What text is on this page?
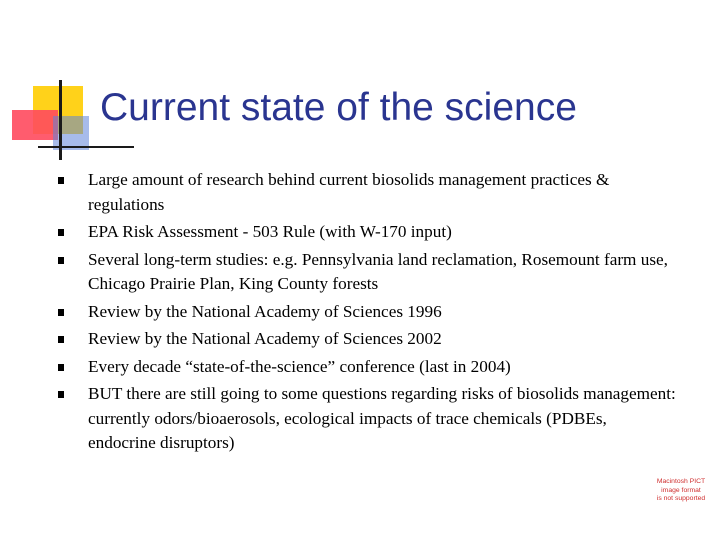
Current state of the science
Large amount of research behind current biosolids management practices & regulations
EPA Risk Assessment - 503 Rule (with W-170 input)
Several long-term studies: e.g. Pennsylvania land reclamation, Rosemount farm use, Chicago Prairie Plan, King County forests
Review by the National Academy of Sciences 1996
Review by the National Academy of Sciences 2002
Every decade “state-of-the-science” conference (last in 2004)
BUT there are still going to some questions regarding risks of biosolids management: currently odors/bioaerosols, ecological impacts of trace chemicals (PDBEs, endocrine disruptors)
Macintosh PICT
image format
is not supported
